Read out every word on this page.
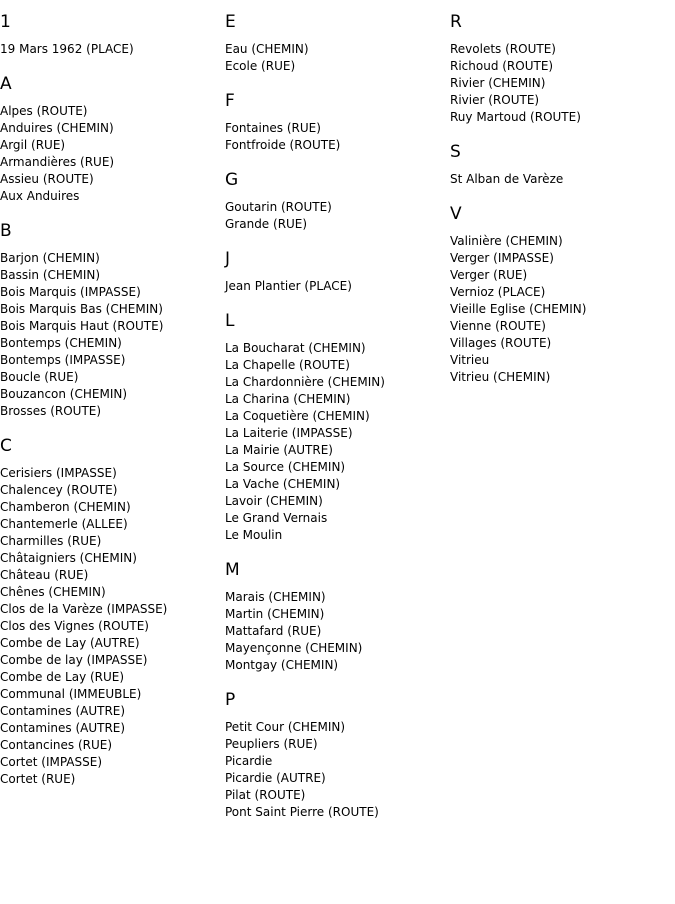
1
19 Mars 1962 (PLACE)
A
Alpes (ROUTE)
Anduires (CHEMIN)
Argil (RUE)
Armandières (RUE)
Assieu (ROUTE)
Aux Anduires
B
Barjon (CHEMIN)
Bassin (CHEMIN)
Bois Marquis (IMPASSE)
Bois Marquis Bas (CHEMIN)
Bois Marquis Haut (ROUTE)
Bontemps (CHEMIN)
Bontemps (IMPASSE)
Boucle (RUE)
Bouzancon (CHEMIN)
Brosses (ROUTE)
C
Cerisiers (IMPASSE)
Chalencey (ROUTE)
Chamberon (CHEMIN)
Chantemerle (ALLEE)
Charmilles (RUE)
Châtaigniers (CHEMIN)
Château (RUE)
Chênes (CHEMIN)
Clos de la Varèze (IMPASSE)
Clos des Vignes (ROUTE)
Combe de Lay (AUTRE)
Combe de lay (IMPASSE)
Combe de Lay (RUE)
Communal (IMMEUBLE)
Contamines (AUTRE)
Contamines (AUTRE)
Contancines (RUE)
Cortet (IMPASSE)
Cortet (RUE)
E
Eau (CHEMIN)
Ecole (RUE)
F
Fontaines (RUE)
Fontfroide (ROUTE)
G
Goutarin (ROUTE)
Grande (RUE)
J
Jean Plantier (PLACE)
L
La Boucharat (CHEMIN)
La Chapelle (ROUTE)
La Chardonnière (CHEMIN)
La Charina (CHEMIN)
La Coquetière (CHEMIN)
La Laiterie (IMPASSE)
La Mairie (AUTRE)
La Source (CHEMIN)
La Vache (CHEMIN)
Lavoir (CHEMIN)
Le Grand Vernais
Le Moulin
M
Marais (CHEMIN)
Martin (CHEMIN)
Mattafard (RUE)
Mayençonne (CHEMIN)
Montgay (CHEMIN)
P
Petit Cour (CHEMIN)
Peupliers (RUE)
Picardie
Picardie (AUTRE)
Pilat (ROUTE)
Pont Saint Pierre (ROUTE)
R
Revolets (ROUTE)
Richoud (ROUTE)
Rivier (CHEMIN)
Rivier (ROUTE)
Ruy Martoud (ROUTE)
S
St Alban de Varèze
V
Valinière (CHEMIN)
Verger (IMPASSE)
Verger (RUE)
Vernioz (PLACE)
Vieille Eglise (CHEMIN)
Vienne (ROUTE)
Villages (ROUTE)
Vitrieu
Vitrieu (CHEMIN)
